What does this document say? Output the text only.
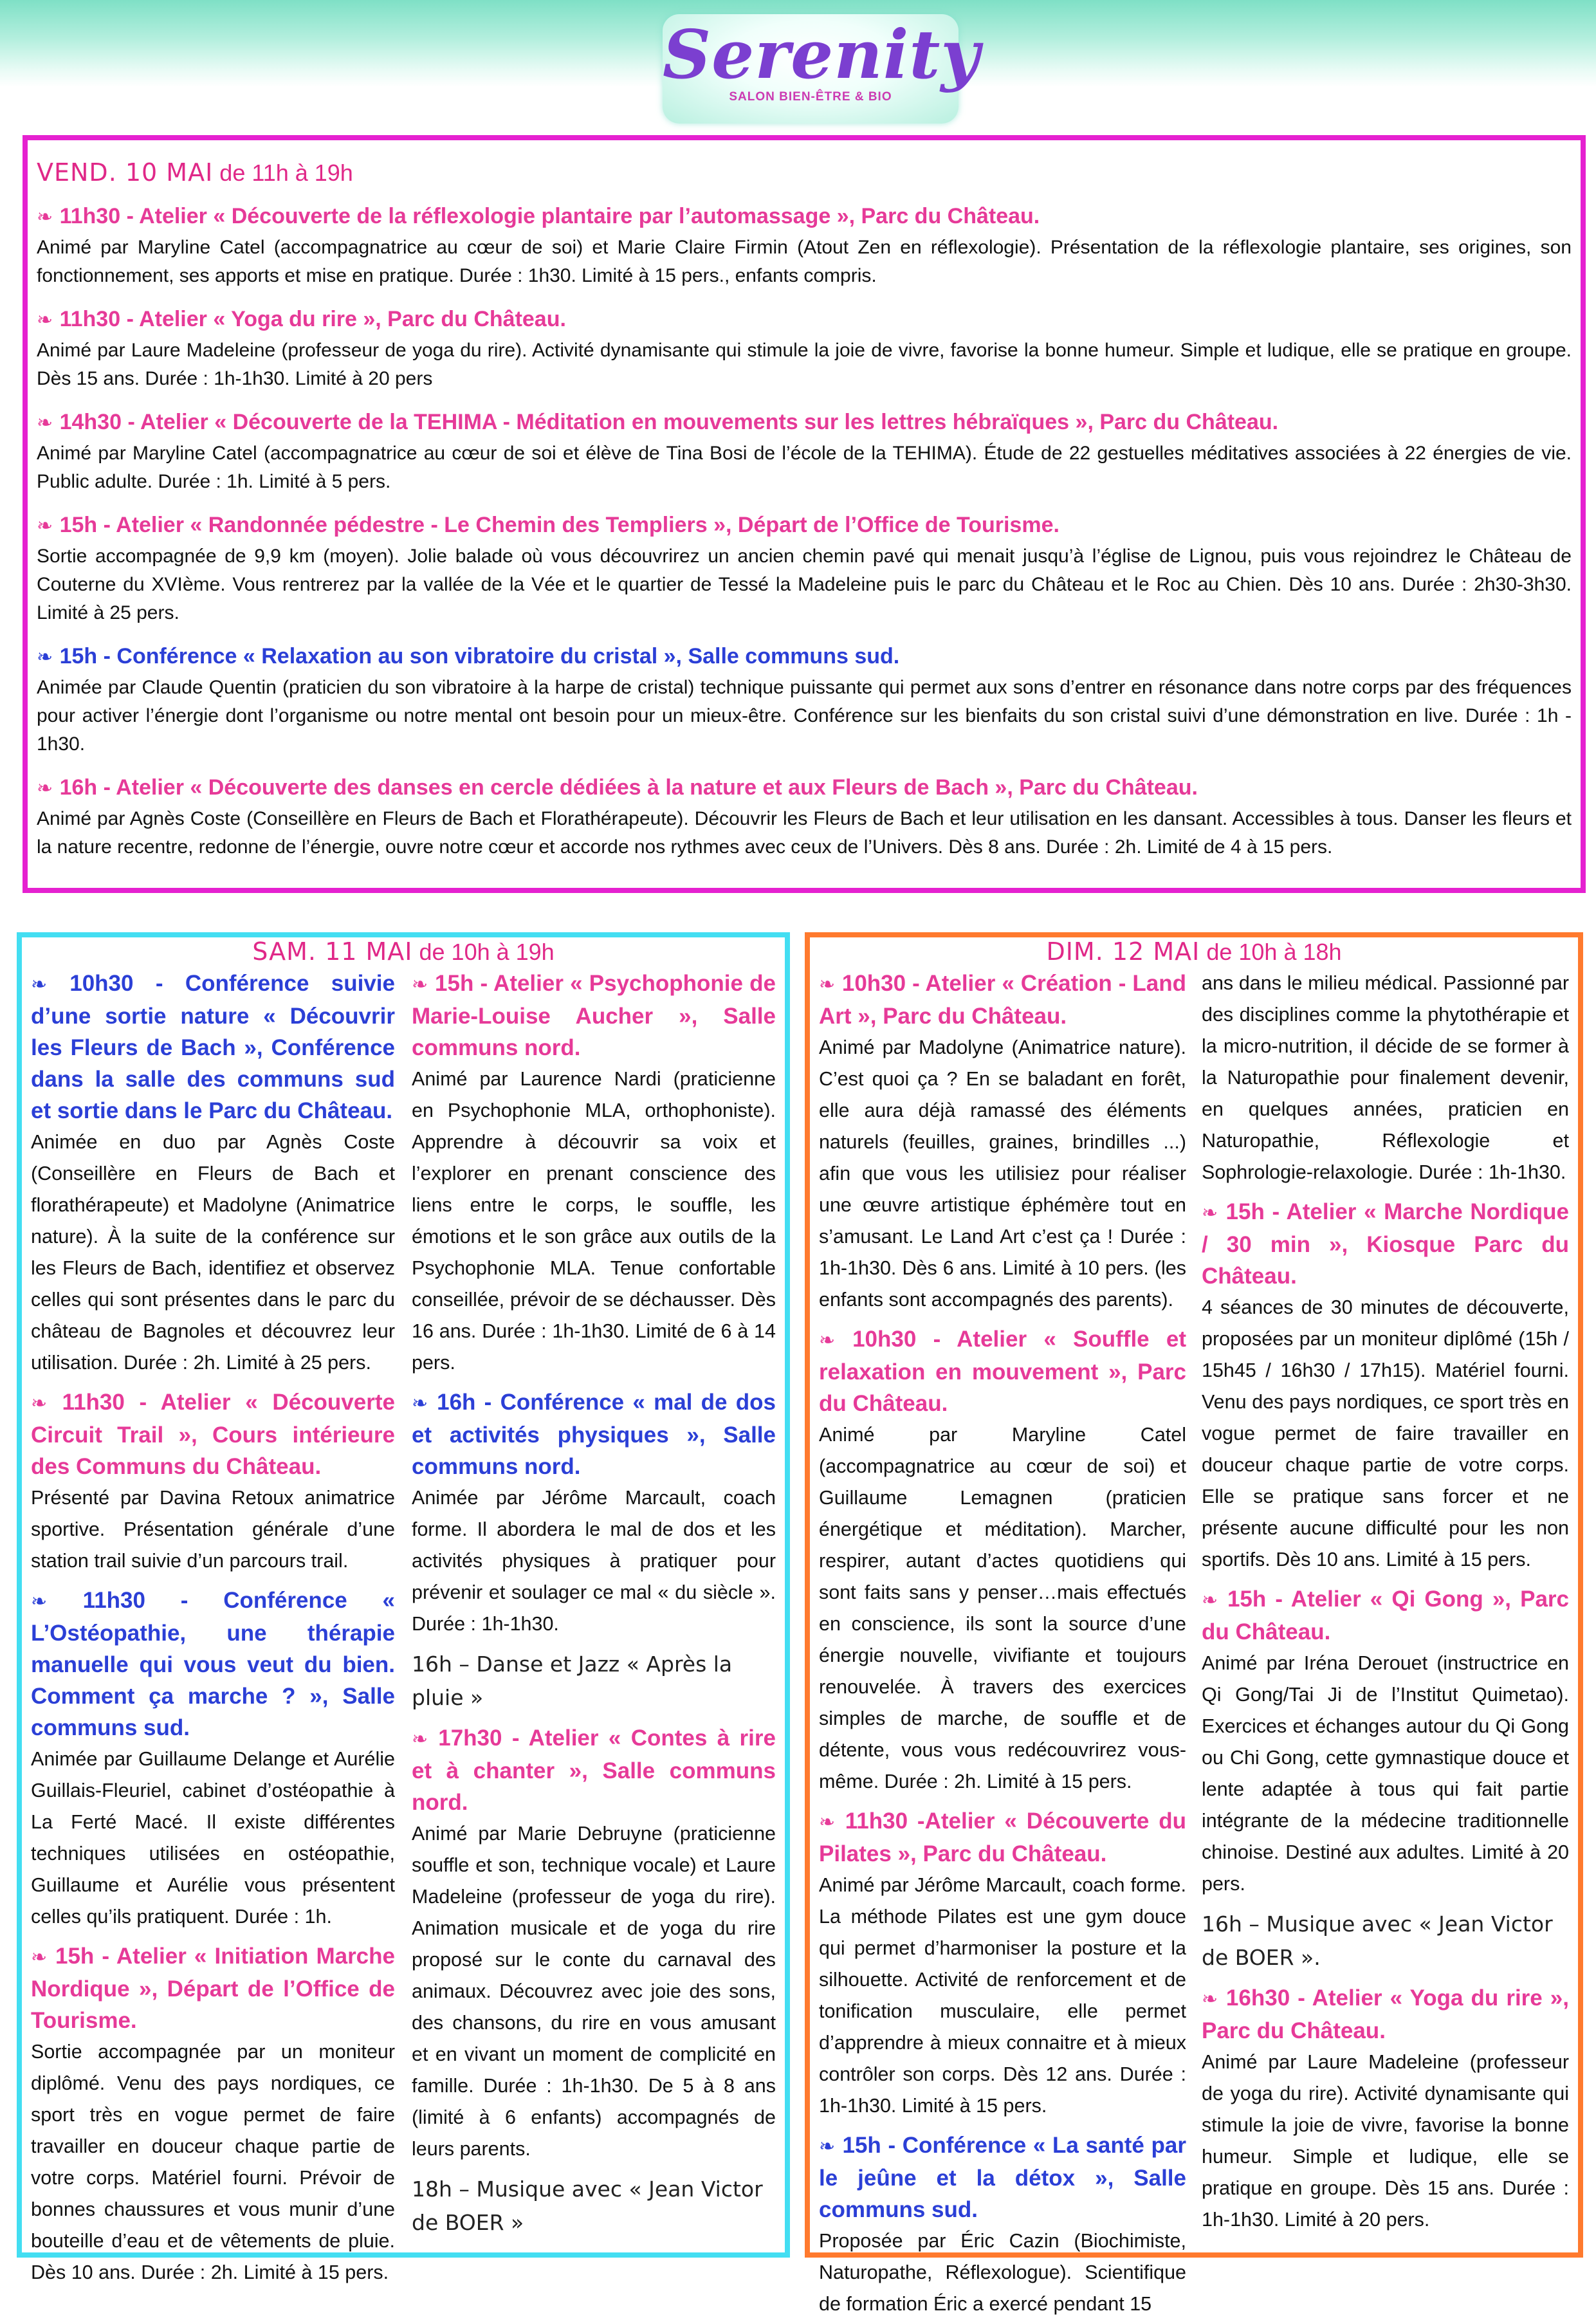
Serenity
SALON BIEN-ÊTRE & BIO
VEND. 10 MAI de 11h à 19h
❧ 11h30 - Atelier « Découverte de la réflexologie plantaire par l’automassage », Parc du Château.
Animé par Maryline Catel (accompagnatrice au cœur de soi) et Marie Claire Firmin (Atout Zen en réflexologie). Présentation de la réflexologie plantaire, ses origines, son fonctionnement, ses apports et mise en pratique. Durée : 1h30. Limité à 15 pers., enfants compris.
❧ 11h30 - Atelier « Yoga du rire », Parc du Château.
Animé par Laure Madeleine (professeur de yoga du rire). Activité dynamisante qui stimule la joie de vivre, favorise la bonne humeur. Simple et ludique, elle se pratique en groupe. Dès 15 ans. Durée : 1h-1h30. Limité à 20 pers
❧ 14h30 - Atelier « Découverte de la TEHIMA - Méditation en mouvements sur les lettres hébraïques », Parc du Château.
Animé par Maryline Catel (accompagnatrice au cœur de soi et élève de Tina Bosi de l’école de la TEHIMA). Étude de 22 gestuelles méditatives associées à 22 énergies de vie. Public adulte. Durée : 1h. Limité à 5 pers.
❧ 15h - Atelier « Randonnée pédestre - Le Chemin des Templiers », Départ de l’Office de Tourisme.
Sortie accompagnée de 9,9 km (moyen). Jolie balade où vous découvrirez un ancien chemin pavé qui menait jusqu’à l’église de Lignou, puis vous rejoindrez le Château de Couterne du XVIème. Vous rentrerez par la vallée de la Vée et le quartier de Tessé la Madeleine puis le parc du Château et le Roc au Chien. Dès 10 ans. Durée : 2h30-3h30. Limité à 25 pers.
❧ 15h - Conférence « Relaxation au son vibratoire du cristal », Salle communs sud.
Animée par Claude Quentin (praticien du son vibratoire à la harpe de cristal) technique puissante qui permet aux sons d’entrer en résonance dans notre corps par des fréquences pour activer l’énergie dont l’organisme ou notre mental ont besoin pour un mieux-être. Conférence sur les bienfaits du son cristal suivi d’une démonstration en live. Durée : 1h - 1h30.
❧ 16h - Atelier « Découverte des danses en cercle dédiées à la nature et aux Fleurs de Bach », Parc du Château.
Animé par Agnès Coste (Conseillère en Fleurs de Bach et Florathérapeute). Découvrir les Fleurs de Bach et leur utilisation en les dansant. Accessibles à tous. Danser les fleurs et la nature recentre, redonne de l’énergie, ouvre notre cœur et accorde nos rythmes avec ceux de l’Univers. Dès 8 ans. Durée : 2h. Limité de 4 à 15 pers.
SAM. 11 MAI de 10h à 19h
❧ 10h30 - Conférence suivie d’une sortie nature « Découvrir les Fleurs de Bach », Conférence dans la salle des communs sud et sortie dans le Parc du Château.
Animée en duo par Agnès Coste (Conseillère en Fleurs de Bach et florathérapeute) et Madolyne (Animatrice nature). À la suite de la conférence sur les Fleurs de Bach, identifiez et observez celles qui sont présentes dans le parc du château de Bagnoles et découvrez leur utilisation. Durée : 2h. Limité à 25 pers.
❧ 11h30 - Atelier « Découverte Circuit Trail », Cours intérieure des Communs du Château.
Présenté par Davina Retoux animatrice sportive. Présentation générale d’une station trail suivie d’un parcours trail.
❧ 11h30 - Conférence « L’Ostéopathie, une thérapie manuelle qui vous veut du bien. Comment ça marche ? », Salle communs sud.
Animée par Guillaume Delange et Aurélie Guillais-Fleuriel, cabinet d’ostéopathie à La Ferté Macé. Il existe différentes techniques utilisées en ostéopathie, Guillaume et Aurélie vous présentent celles qu’ils pratiquent. Durée : 1h.
❧ 15h - Atelier « Initiation Marche Nordique », Départ de l’Office de Tourisme.
Sortie accompagnée par un moniteur diplômé. Venu des pays nordiques, ce sport très en vogue permet de faire travailler en douceur chaque partie de votre corps. Matériel fourni. Prévoir de bonnes chaussures et vous munir d’une bouteille d’eau et de vêtements de pluie. Dès 10 ans. Durée : 2h. Limité à 15 pers.
❧ 15h - Atelier « Psychophonie de Marie-Louise Aucher », Salle communs nord.
Animé par Laurence Nardi (praticienne en Psychophonie MLA, orthophoniste). Apprendre à découvrir sa voix et l’explorer en prenant conscience des liens entre le corps, le souffle, les émotions et le son grâce aux outils de la Psychophonie MLA. Tenue confortable conseillée, prévoir de se déchausser. Dès 16 ans. Durée : 1h-1h30. Limité de 6 à 14 pers.
❧ 16h - Conférence « mal de dos et activités physiques », Salle communs nord.
Animée par Jérôme Marcault, coach forme. Il abordera le mal de dos et les activités physiques à pratiquer pour prévenir et soulager ce mal « du siècle ». Durée : 1h-1h30.
16h – Danse et Jazz « Après la pluie »
❧ 17h30 - Atelier « Contes à rire et à chanter », Salle communs nord.
Animé par Marie Debruyne (praticienne souffle et son, technique vocale) et Laure Madeleine (professeur de yoga du rire). Animation musicale et de yoga du rire proposé sur le conte du carnaval des animaux. Découvrez avec joie des sons, des chansons, du rire en vous amusant et en vivant un moment de complicité en famille. Durée : 1h-1h30. De 5 à 8 ans (limité à 6 enfants) accompagnés de leurs parents.
18h – Musique avec « Jean Victor de BOER »
DIM. 12 MAI de 10h à 18h
❧ 10h30 - Atelier « Création - Land Art », Parc du Château.
Animé par Madolyne (Animatrice nature). C’est quoi ça ? En se baladant en forêt, elle aura déjà ramassé des éléments naturels (feuilles, graines, brindilles ...) afin que vous les utilisiez pour réaliser une œuvre artistique éphémère tout en s’amusant. Le Land Art c’est ça ! Durée : 1h-1h30. Dès 6 ans. Limité à 10 pers. (les enfants sont accompagnés des parents).
❧ 10h30 - Atelier « Souffle et relaxation en mouvement », Parc du Château.
Animé par Maryline Catel (accompagnatrice au cœur de soi) et Guillaume Lemagnen (praticien énergétique et méditation). Marcher, respirer, autant d’actes quotidiens qui sont faits sans y penser…mais effectués en conscience, ils sont la source d’une énergie nouvelle, vivifiante et toujours renouvelée. À travers des exercices simples de marche, de souffle et de détente, vous vous redécouvrirez vous-même. Durée : 2h. Limité à 15 pers.
❧ 11h30 -Atelier « Découverte du Pilates », Parc du Château.
Animé par Jérôme Marcault, coach forme. La méthode Pilates est une gym douce qui permet d’harmoniser la posture et la silhouette. Activité de renforcement et de tonification musculaire, elle permet d’apprendre à mieux connaitre et à mieux contrôler son corps. Dès 12 ans. Durée : 1h-1h30. Limité à 15 pers.
❧ 15h - Conférence « La santé par le jeûne et la détox », Salle communs sud.
Proposée par Éric Cazin (Biochimiste, Naturopathe, Réflexologue). Scientifique de formation Éric a exercé pendant 15
ans dans le milieu médical. Passionné par des disciplines comme la phytothérapie et la micro-nutrition, il décide de se former à la Naturopathie pour finalement devenir, en quelques années, praticien en Naturopathie, Réflexologie et Sophrologie-relaxologie. Durée : 1h-1h30.
❧ 15h - Atelier « Marche Nordique / 30 min », Kiosque Parc du Château.
4 séances de 30 minutes de découverte, proposées par un moniteur diplômé (15h / 15h45 / 16h30 / 17h15). Matériel fourni. Venu des pays nordiques, ce sport très en vogue permet de faire travailler en douceur chaque partie de votre corps. Elle se pratique sans forcer et ne présente aucune difficulté pour les non sportifs. Dès 10 ans. Limité à 15 pers.
❧ 15h - Atelier « Qi Gong », Parc du Château.
Animé par Iréna Derouet (instructrice en Qi Gong/Tai Ji de l’Institut Quimetao). Exercices et échanges autour du Qi Gong ou Chi Gong, cette gymnastique douce et lente adaptée à tous qui fait partie intégrante de la médecine traditionnelle chinoise. Destiné aux adultes. Limité à 20 pers.
16h – Musique avec « Jean Victor de BOER ».
❧ 16h30 - Atelier « Yoga du rire », Parc du Château.
Animé par Laure Madeleine (professeur de yoga du rire). Activité dynamisante qui stimule la joie de vivre, favorise la bonne humeur. Simple et ludique, elle se pratique en groupe. Dès 15 ans. Durée : 1h-1h30. Limité à 20 pers.
